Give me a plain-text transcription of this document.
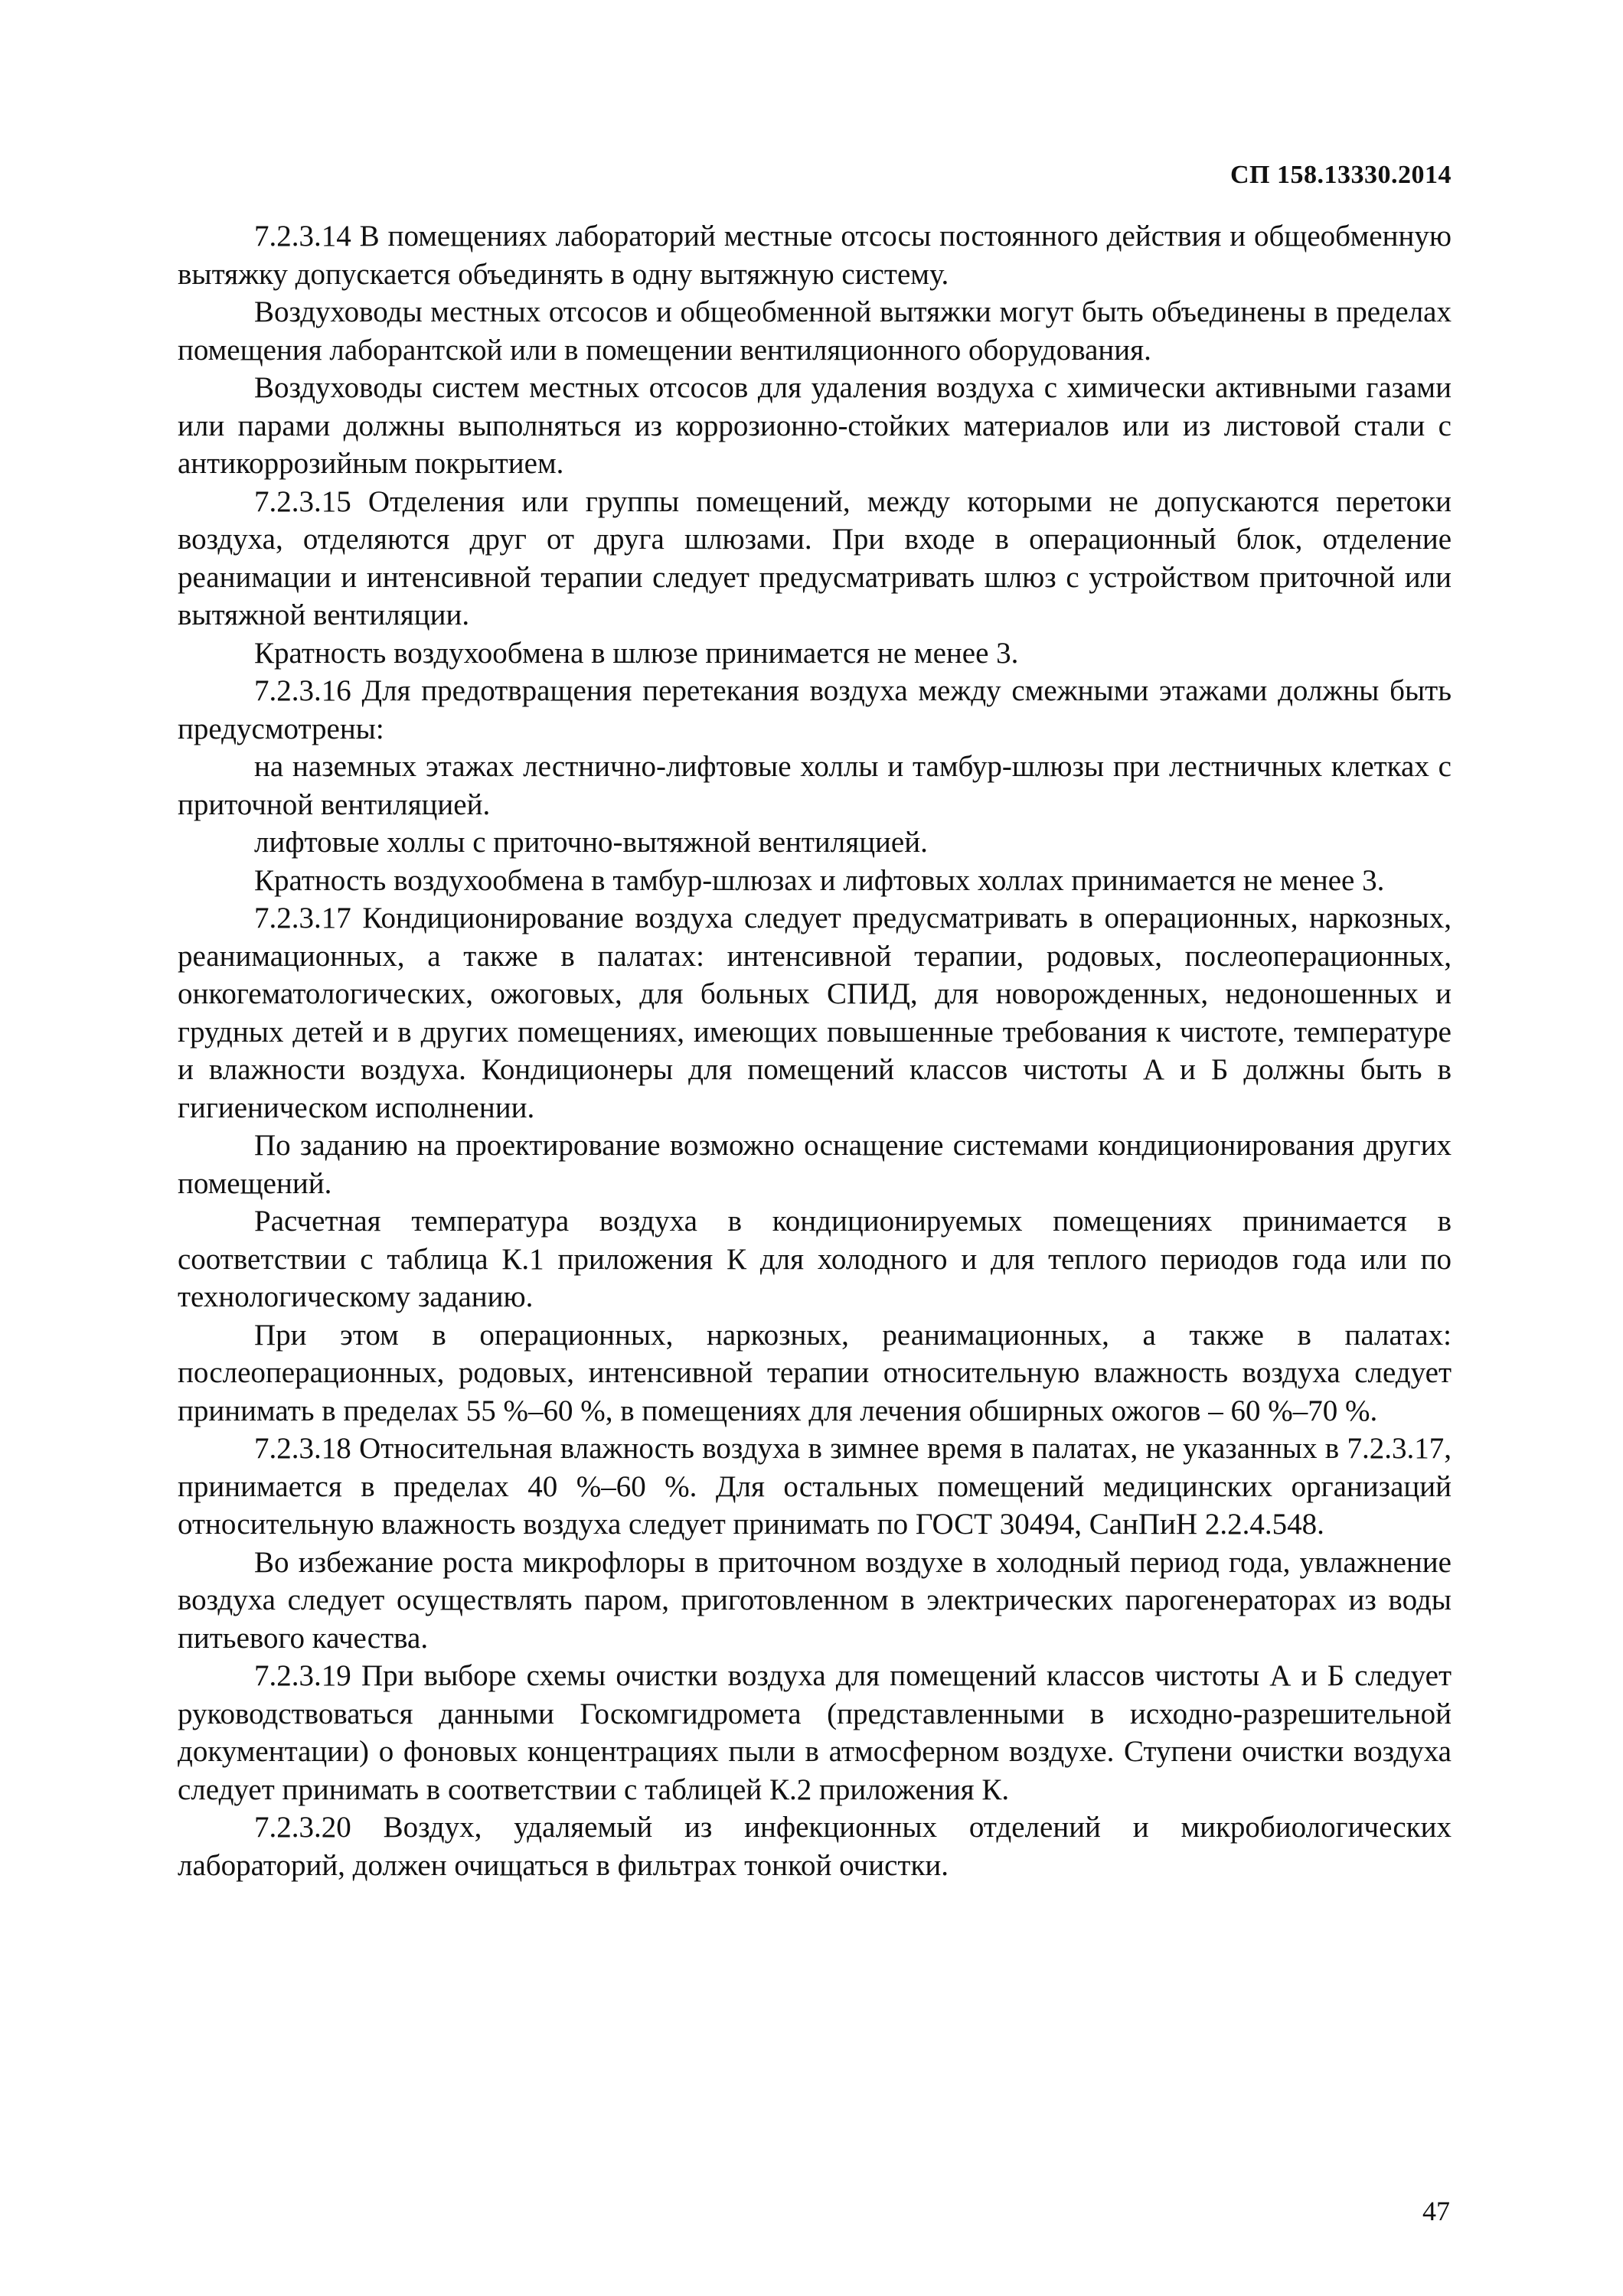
СП 158.13330.2014

7.2.3.14 В помещениях лабораторий местные отсосы постоянного действия и общеобменную вытяжку допускается объединять в одну вытяжную систему.

Воздуховоды местных отсосов и общеобменной вытяжки могут быть объединены в пределах помещения лаборантской или в помещении вентиляционного оборудования.

Воздуховоды систем местных отсосов для удаления воздуха с химически активными газами или парами должны выполняться из коррозионно-стойких материалов или из листовой стали с антикоррозийным покрытием.

7.2.3.15 Отделения или группы помещений, между которыми не допускаются перетоки воздуха, отделяются друг от друга шлюзами. При входе в операционный блок, отделение реанимации и интенсивной терапии следует предусматривать шлюз с устройством приточной или вытяжной вентиляции.

Кратность воздухообмена в шлюзе принимается не менее 3.

7.2.3.16 Для предотвращения перетекания воздуха между смежными этажами должны быть предусмотрены:

на наземных этажах лестнично-лифтовые холлы и тамбур-шлюзы при лестничных клетках с приточной вентиляцией.

лифтовые холлы с приточно-вытяжной вентиляцией.

Кратность воздухообмена в тамбур-шлюзах и лифтовых холлах принимается не менее 3.

7.2.3.17 Кондиционирование воздуха следует предусматривать в операционных, наркозных, реанимационных, а также в палатах: интенсивной терапии, родовых, послеоперационных, онкогематологических, ожоговых, для больных СПИД, для новорожденных, недоношенных и грудных детей и в других помещениях, имеющих повышенные требования к чистоте, температуре и влажности воздуха. Кондиционеры для помещений классов чистоты А и Б должны быть в гигиеническом исполнении.

По заданию на проектирование возможно оснащение системами кондиционирования других помещений.

Расчетная температура воздуха в кондиционируемых помещениях принимается в соответствии с таблица К.1 приложения К для холодного и для теплого периодов года или по технологическому заданию.

При этом в операционных, наркозных, реанимационных, а также в палатах: послеоперационных, родовых, интенсивной терапии относительную влажность воздуха следует принимать в пределах 55 %–60 %, в помещениях для лечения обширных ожогов – 60 %–70 %.

7.2.3.18 Относительная влажность воздуха в зимнее время в палатах, не указанных в 7.2.3.17, принимается в пределах 40 %–60 %. Для остальных помещений медицинских организаций относительную влажность воздуха следует принимать по ГОСТ 30494, СанПиН 2.2.4.548.

Во избежание роста микрофлоры в приточном воздухе в холодный период года, увлажнение воздуха следует осуществлять паром, приготовленном в электрических парогенераторах из воды питьевого качества.

7.2.3.19 При выборе схемы очистки воздуха для помещений классов чистоты А и Б следует руководствоваться данными Госкомгидромета (представленными в исходно-разрешительной документации) о фоновых концентрациях пыли в атмосферном воздухе. Ступени очистки воздуха следует принимать в соответствии с таблицей К.2 приложения К.

7.2.3.20 Воздух, удаляемый из инфекционных отделений и микробиологических лабораторий, должен очищаться в фильтрах тонкой очистки.

47
